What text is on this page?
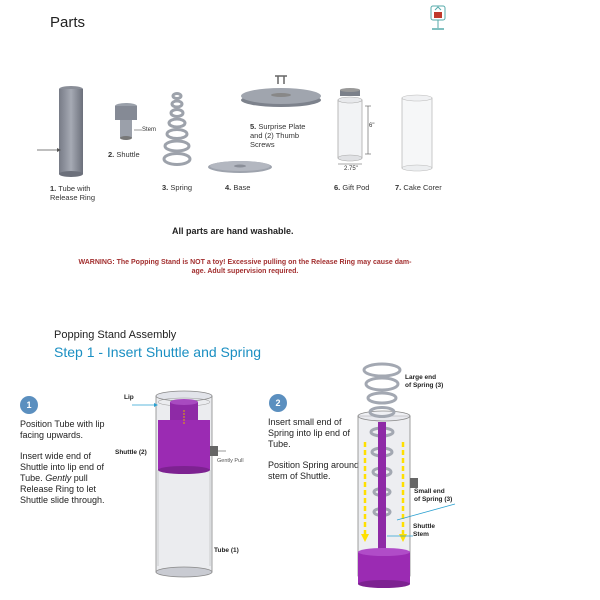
Parts
1. Tube with
Release Ring
Stem
2. Shuttle
3. Spring	4. Base
5. Surprise Plate
and (2) Thumb
Screws
6"
2.75"
6. Gift Pod	7. Cake Corer
All parts are hand washable.
WARNING: The Popping Stand is NOT a toy! Excessive pulling on the Release Ring may cause dam-
age. Adult supervision required.
Popping Stand Assembly
Step 1 - Insert Shuttle and Spring
1
Position Tube with lip facing upwards.
Insert wide end of Shuttle into lip end of Tube. Gently pull Release Ring to let Shuttle slide through.
Lip
Shuttle (2)
Gently Pull
Tube (1)
2
Insert small end of Spring into lip end of Tube.
Position Spring around stem of Shuttle.
Large end
of Spring (3)
Small end
of Spring (3)
Shuttle
Stem
